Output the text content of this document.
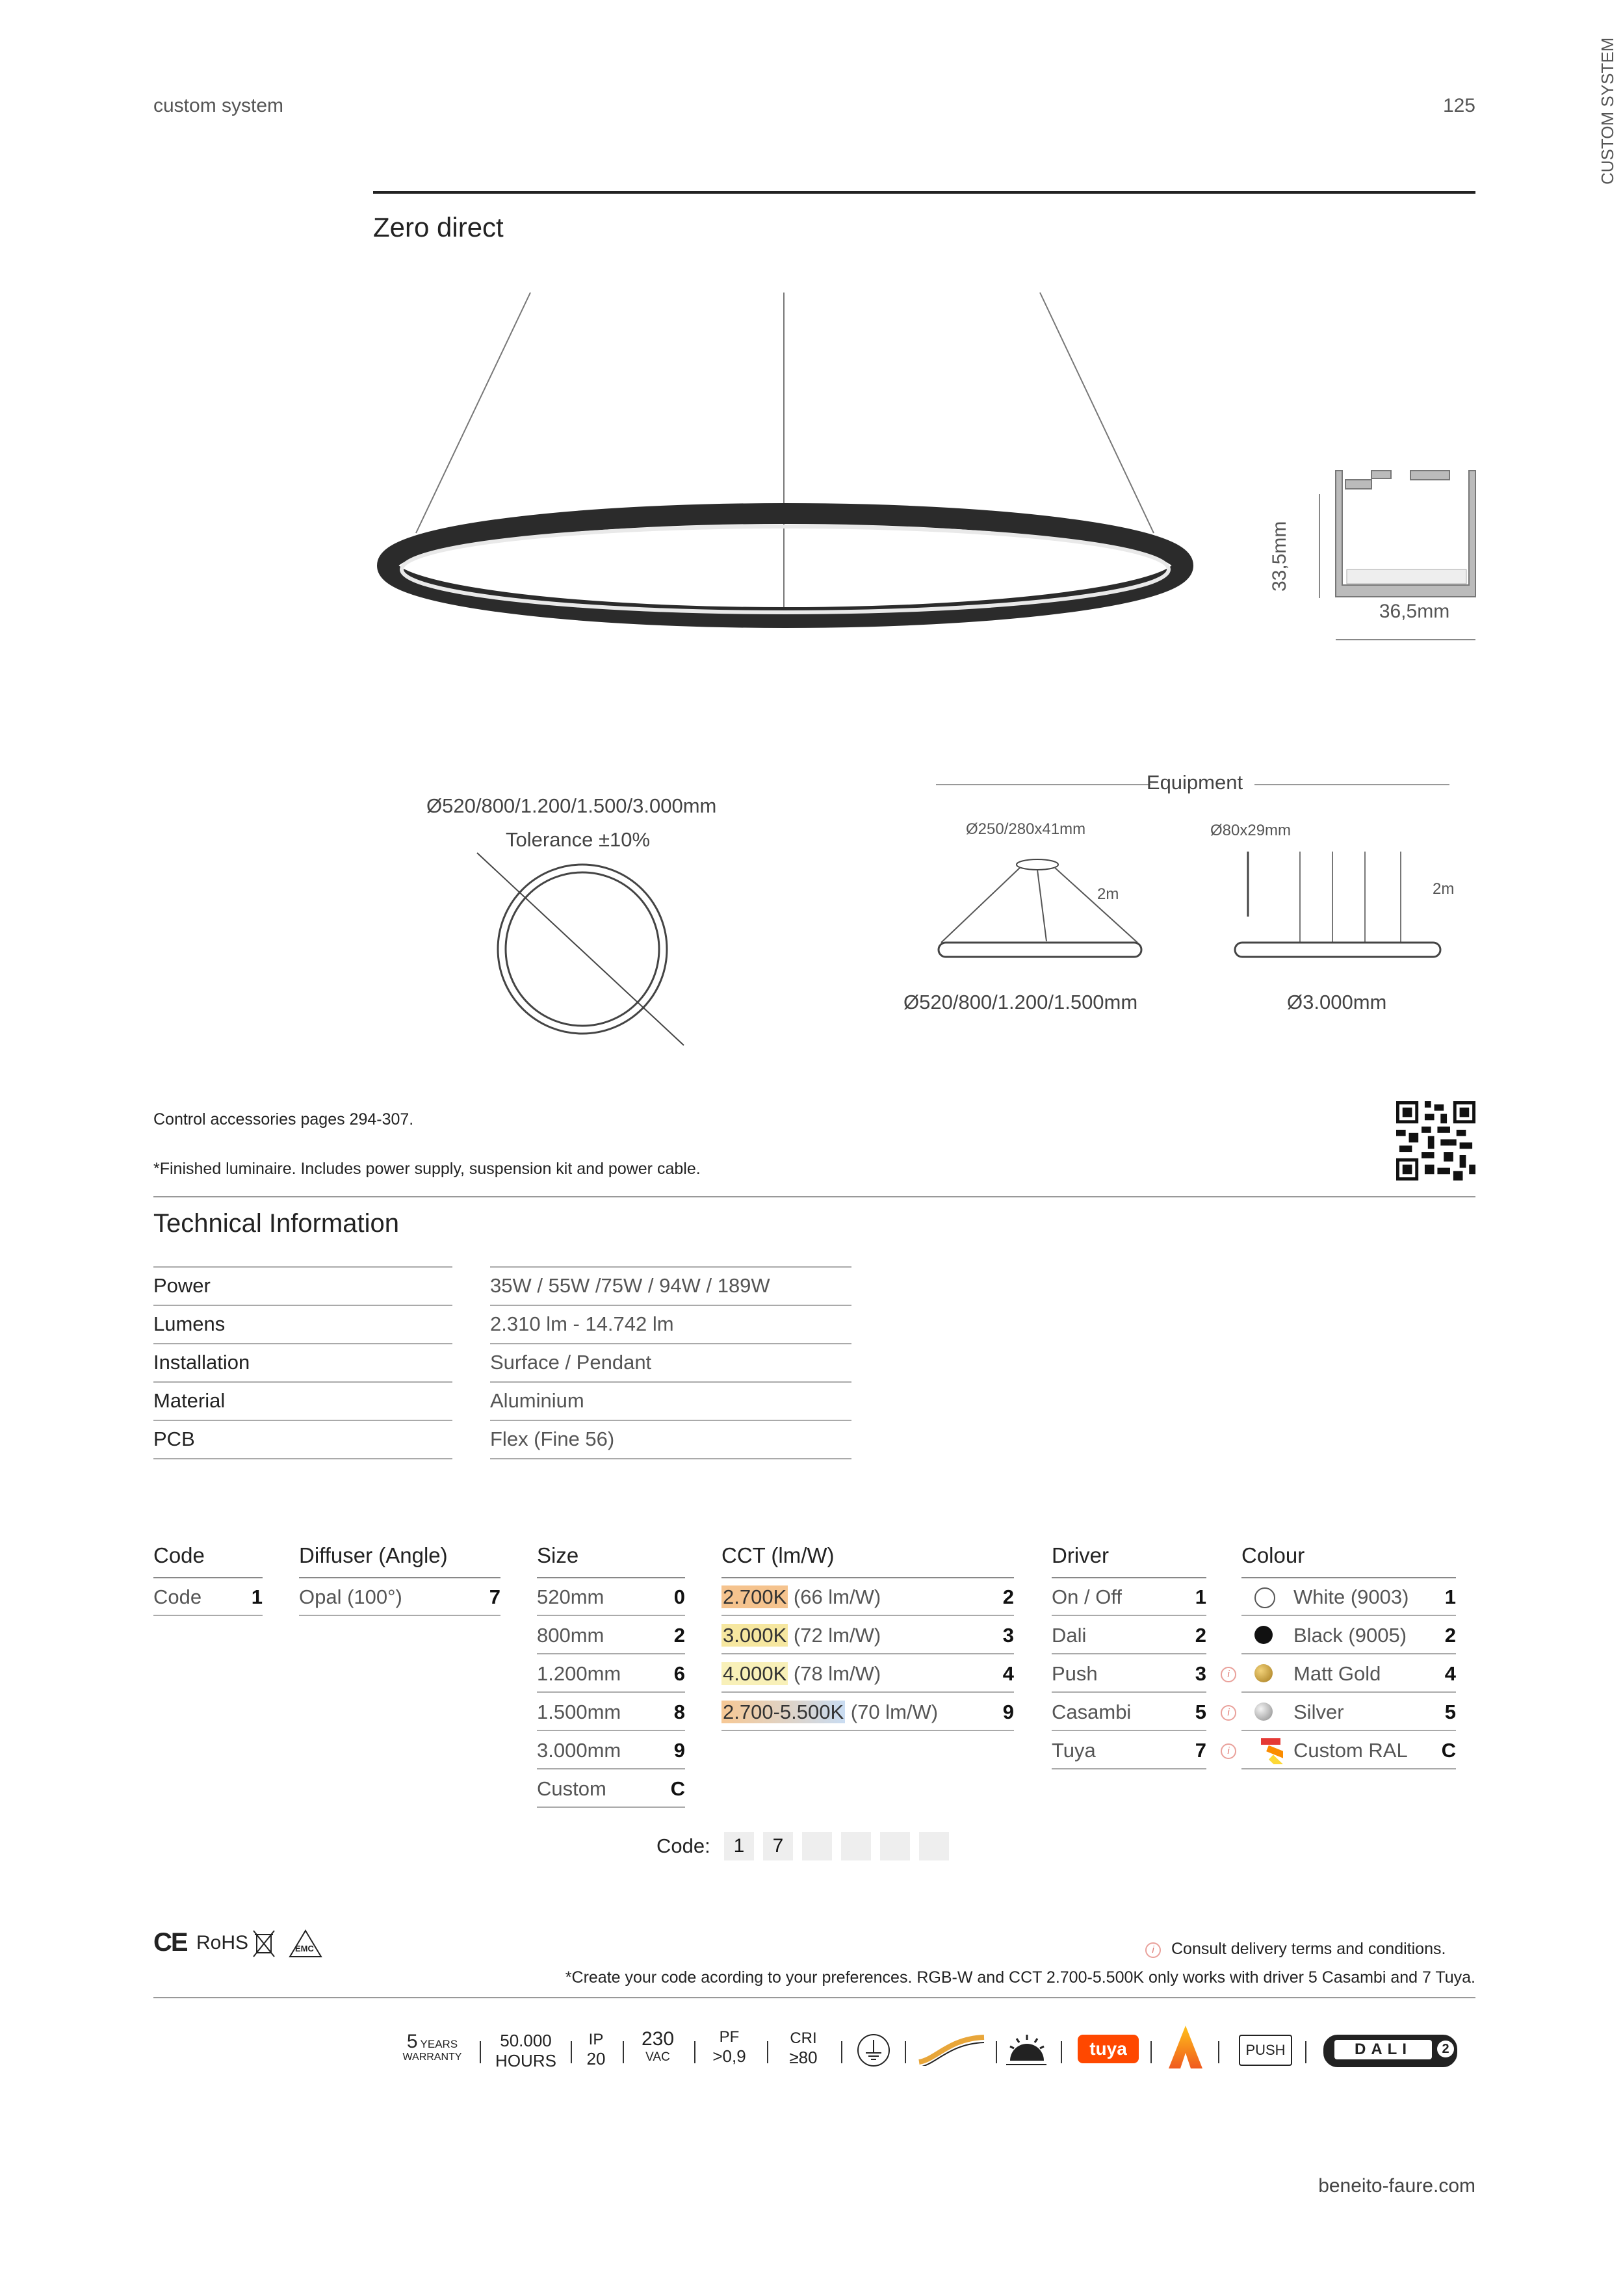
custom system	125	CUSTOM SYSTEM
Zero direct
33,5mm
36,5mm
Ø520/800/1.200/1.500/3.000mm
Tolerance ±10%
Equipment
Ø250/280x41mm	Ø80x29mm
2m	2m
Ø520/800/1.200/1.500mm	Ø3.000mm
Control accessories pages 294-307.
*Finished luminaire. Includes power supply, suspension kit and power cable.
Technical Information
Power	35W / 55W /75W / 94W / 189W
Lumens	2.310 lm - 14.742 lm
Installation	Surface / Pendant
Material	Aluminium
PCB	Flex (Fine 56)
Code
Code 1
Diffuser (Angle)
Opal (100°)	7
Size
520mm	0
800mm	2
1.200mm	6
1.500mm	8
3.000mm	9
Custom	C
CCT (lm/W)
2.700K (66 lm/W)	2
3.000K (72 lm/W)	3
4.000K (78 lm/W)	4
2.700-5.500K (70 lm/W)	9
Driver
On / Off	1
Dali	2
Push	3
Casambi	5
Tuya	7
Colour
White (9003) 1
Black (9005) 2
Matt Gold	4
i
Silver	5
i
Custom RAL C
i
Code:	1	7
CE RoHS	EMC	i	Consult delivery terms and conditions.
*Create your code acording to your preferences. RGB-W and CCT 2.700-5.500K only works with driver 5 Casambi and 7 Tuya.
5 YEARS
WARRANTY
50.000
HOURS
IP
20
230
VAC
PF
>0,9
CRI
≥80	tuya	PUSH	DALI	2
beneito-faure.com
